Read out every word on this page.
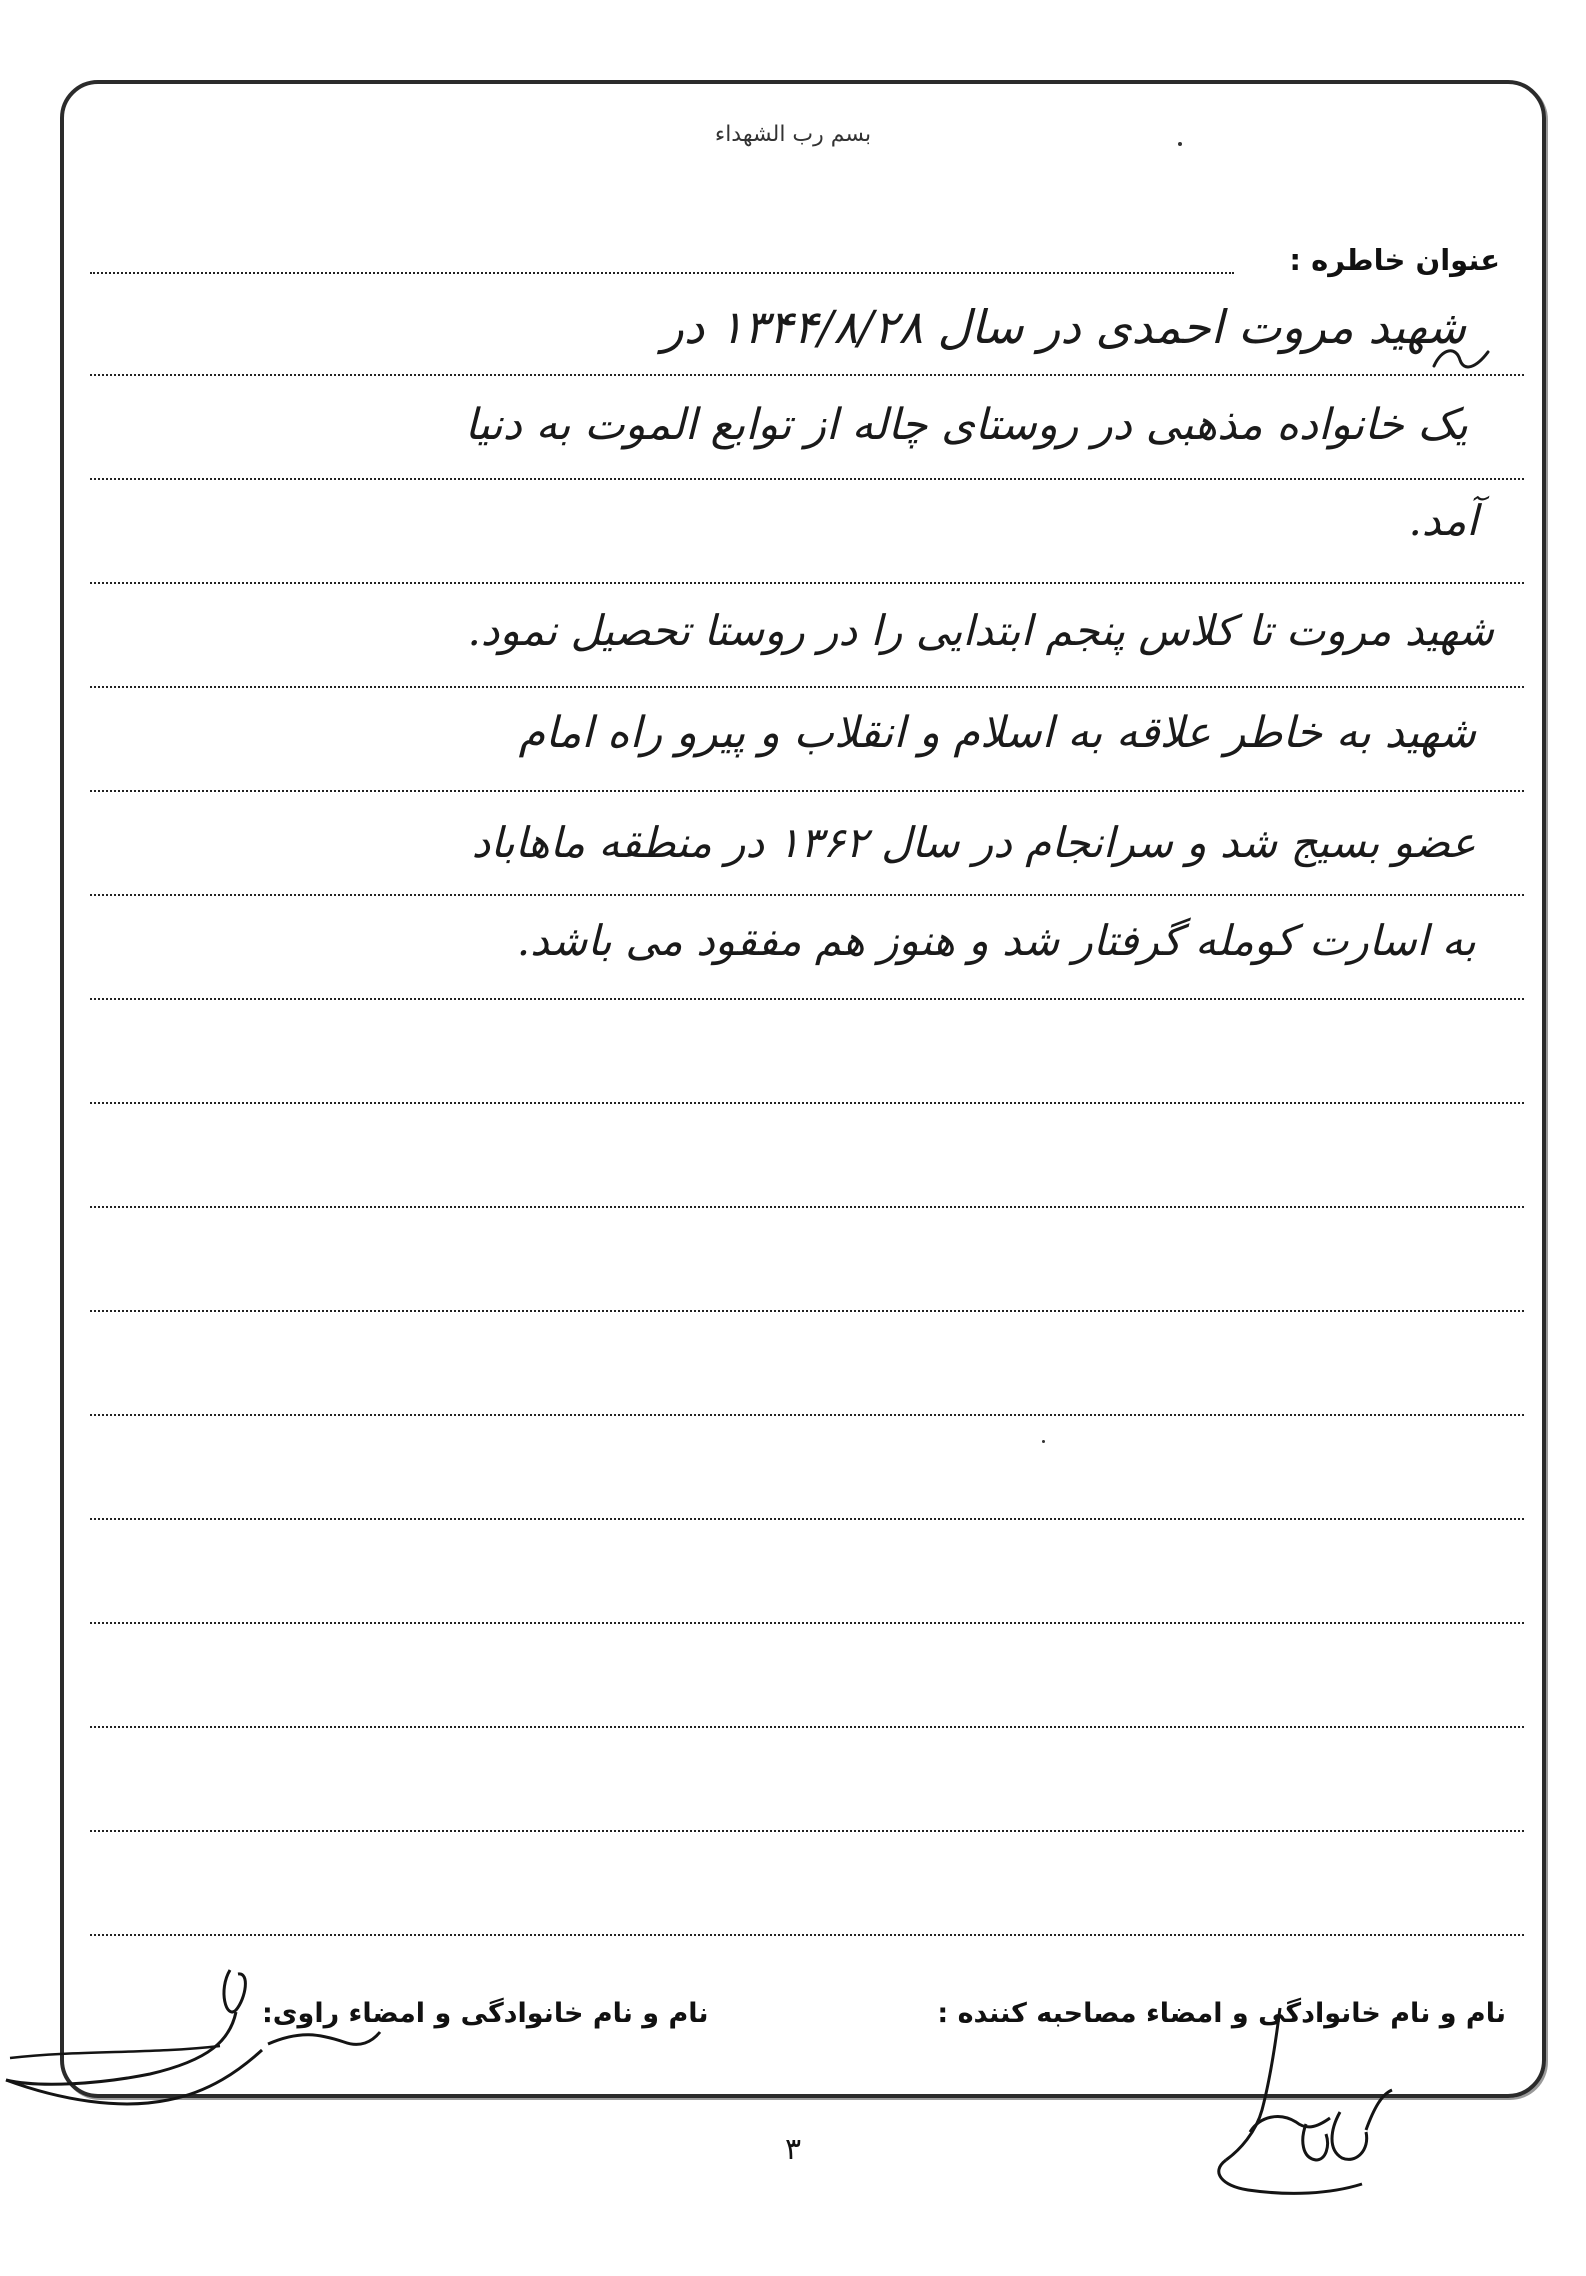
بسم رب الشهداء
عنوان خاطره :
شهید مروت احمدی در سال ۱۳۴۴/۸/۲۸ در
یک خانواده مذهبی در روستای چاله از توابع الموت به دنیا
آمد.
شهید مروت تا کلاس پنجم ابتدایی را در روستا تحصیل نمود.
شهید به خاطر علاقه به اسلام و انقلاب و پیرو راه امام
عضو بسیج شد و سرانجام در سال ۱۳۶۲ در منطقه ماهاباد
به اسارت کومله گرفتار شد و هنوز هم مفقود می باشد.
نام و نام خانوادگی و امضاء مصاحبه کننده :
نام و نام خانوادگی و امضاء راوی:
۳
